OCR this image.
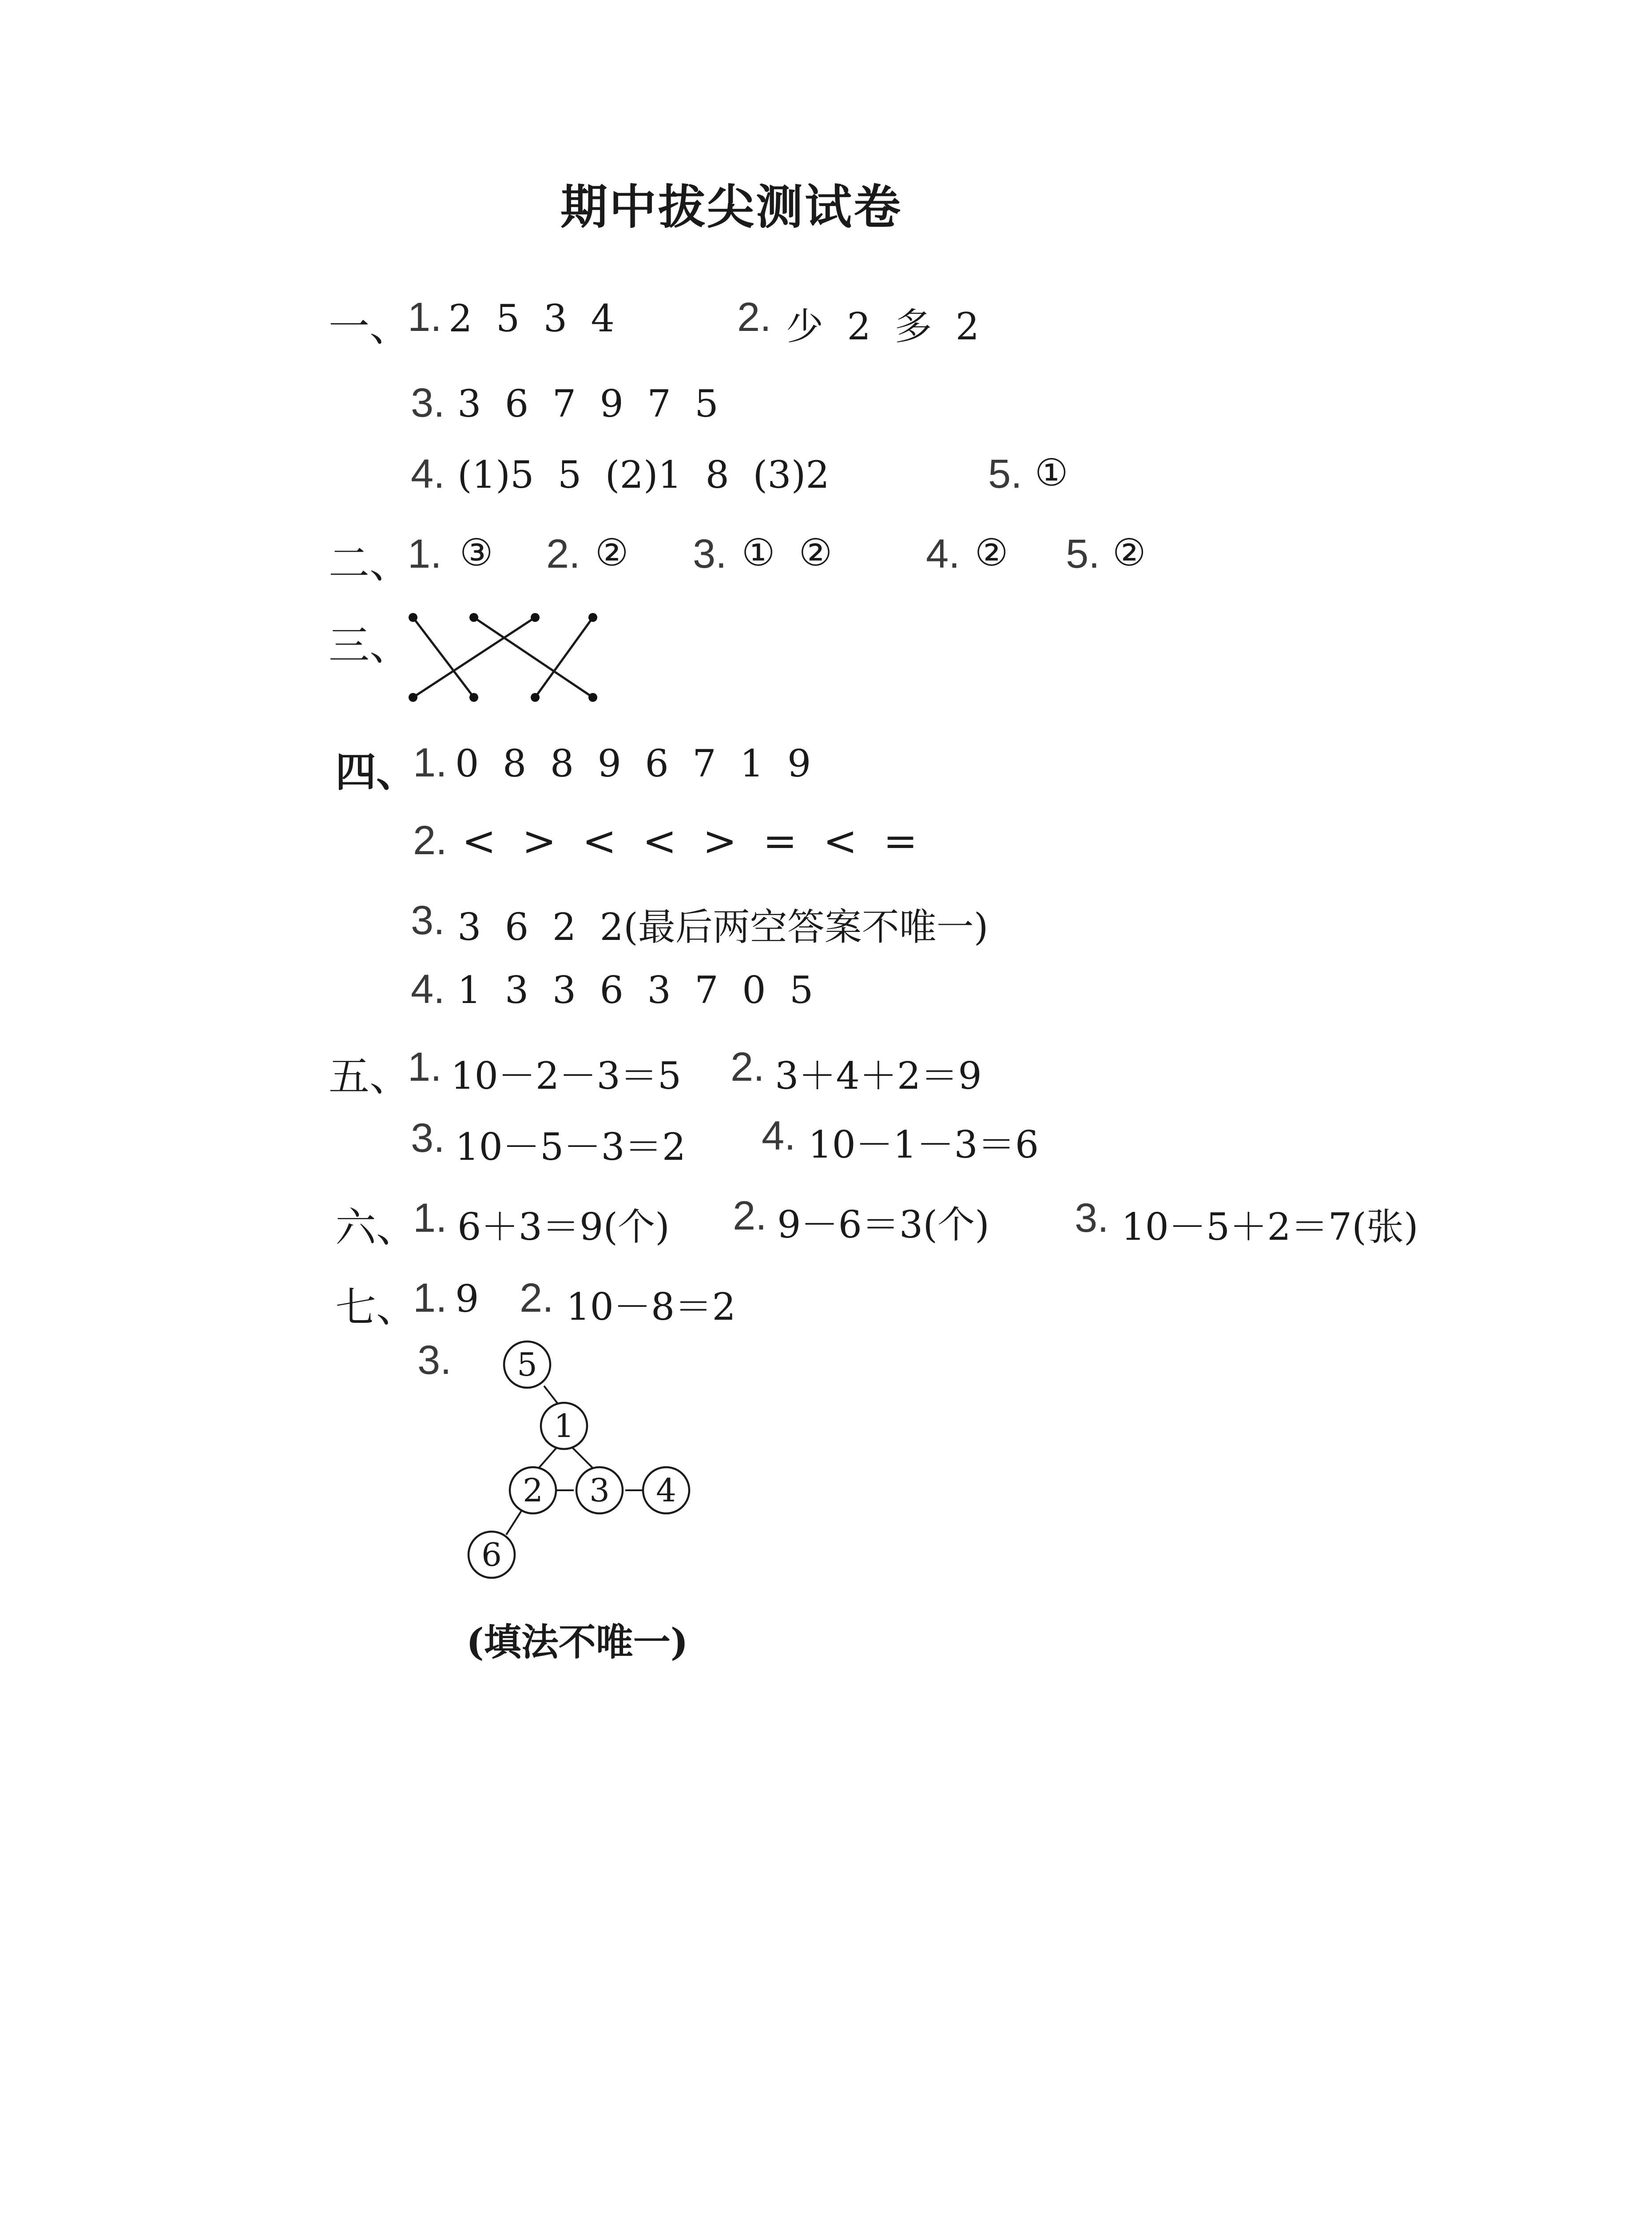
期中拔尖测试卷
一、
1. 2  5  3  4	2. 少  2  多  2
3. 3  6  7  9  7  5
4. (1)5  5  (2)1  8  (3)2	5. ①
二、
1. ③ 2. ② 3. ①  ② 4. ② 5. ②
三、
四、
1. 0  8  8  9  6  7  1  9
2. <  >  <  <  >  =  <  =
3. 3  6  2  2(最后两空答案不唯一)
4. 1  3  3  6  3  7  0  5
五、
1. 10－2－3＝5 2. 3＋4＋2＝9
3. 10－5－3＝2 4. 10－1－3＝6
六、
1. 6＋3＝9(个) 2. 9－6＝3(个) 3. 10－5＋2＝7(张)
七、
1. 9 2. 10－8＝2
3. 5
1
2 3 4
6
(填法不唯一)
